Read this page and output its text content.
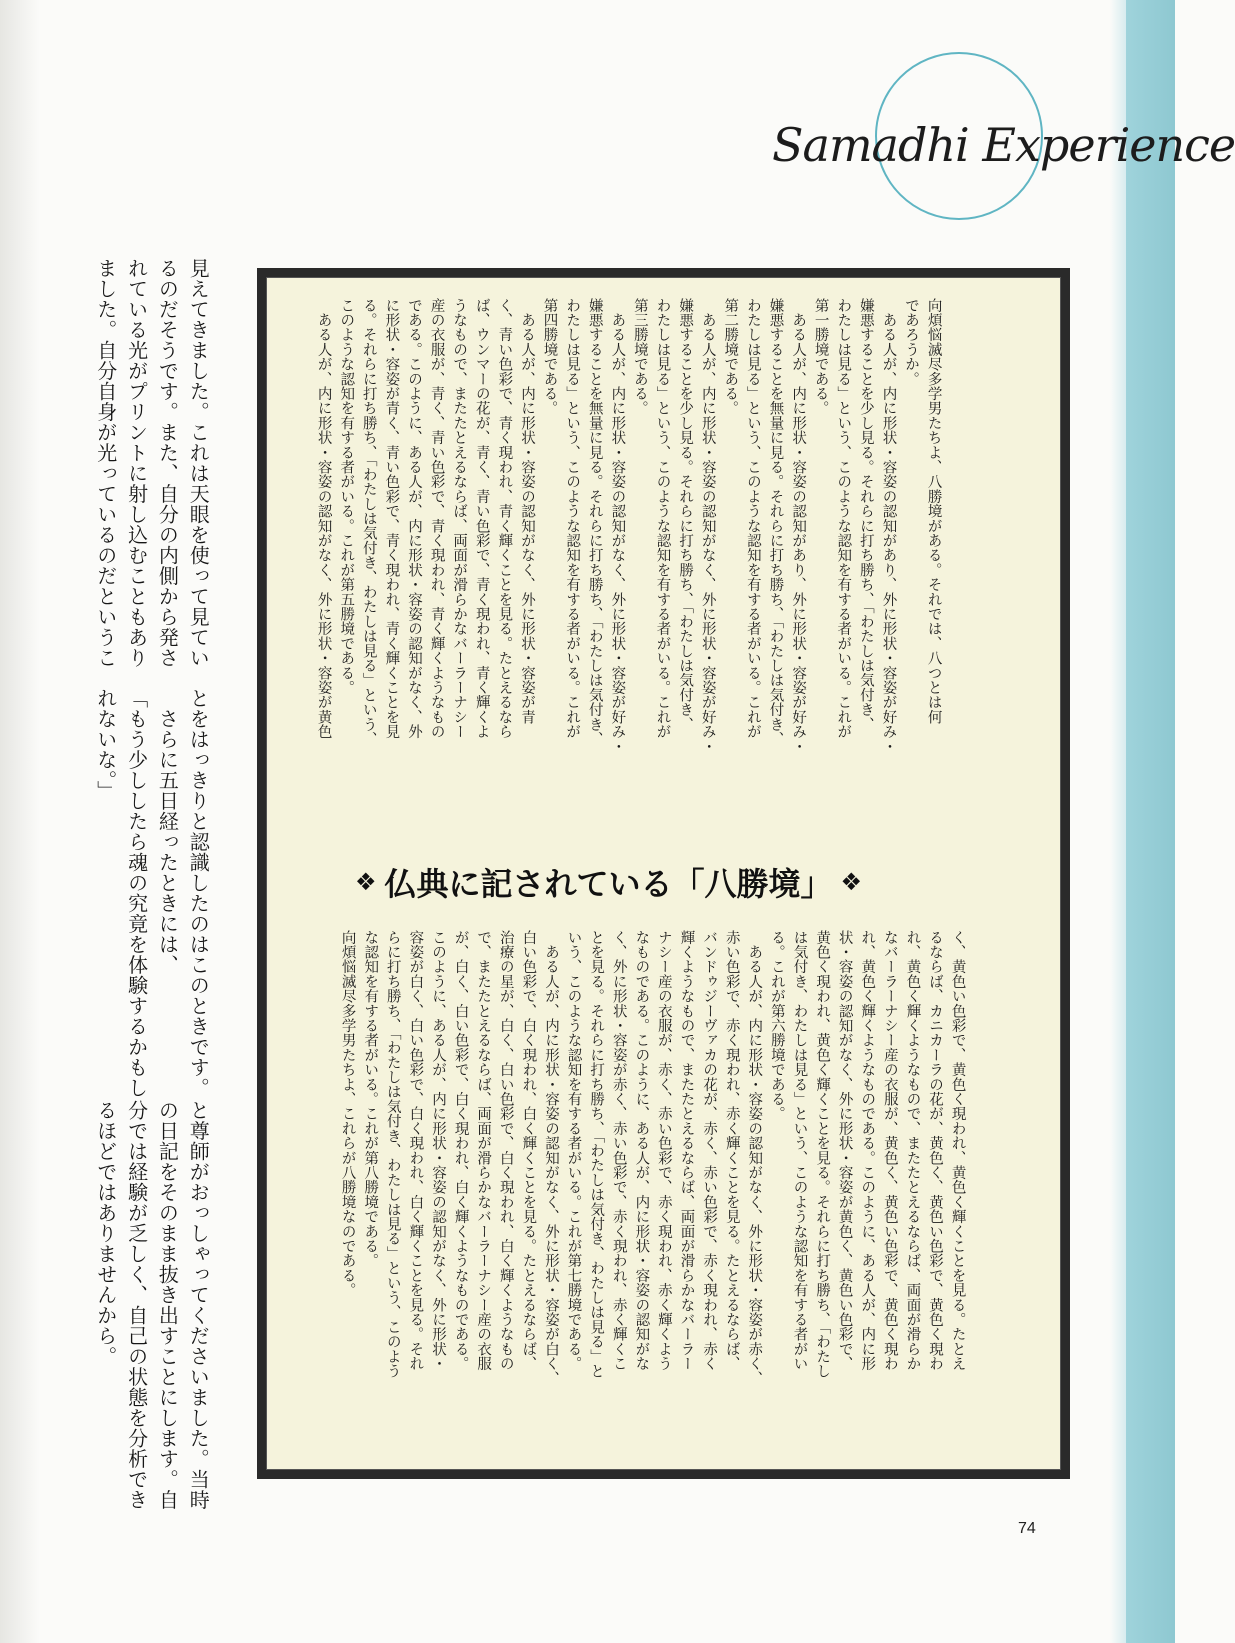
Samadhi Experience
見えてきました。これは天眼を使って見てい
るのだそうです。また、自分の内側から発さ
れている光がプリントに射し込むこともあり
ました。自分自身が光っているのだというこ
とをはっきりと認識したのはこのときです。
　さらに五日経ったときには、
「もう少ししたら魂の究竟を体験するかもし
れないな。」
と尊師がおっしゃってくださいました。当時
の日記をそのまま抜き出すことにします。自
分では経験が乏しく、自己の状態を分析でき
るほどではありませんから。
向煩悩滅尽多学男たちよ、八勝境がある。それでは、八つとは何
であろうか。
　ある人が、内に形状・容姿の認知があり、外に形状・容姿が好み・
嫌悪することを少し見る。それらに打ち勝ち、「わたしは気付き、
わたしは見る」という、このような認知を有する者がいる。これが
第一勝境である。
　ある人が、内に形状・容姿の認知があり、外に形状・容姿が好み・
嫌悪することを無量に見る。それらに打ち勝ち、「わたしは気付き、
わたしは見る」という、このような認知を有する者がいる。これが
第二勝境である。
　ある人が、内に形状・容姿の認知がなく、外に形状・容姿が好み・
嫌悪することを少し見る。それらに打ち勝ち、「わたしは気付き、
わたしは見る」という、このような認知を有する者がいる。これが
第三勝境である。
　ある人が、内に形状・容姿の認知がなく、外に形状・容姿が好み・
嫌悪することを無量に見る。それらに打ち勝ち、「わたしは気付き、
わたしは見る」という、このような認知を有する者がいる。これが
第四勝境である。
　ある人が、内に形状・容姿の認知がなく、外に形状・容姿が青
く、青い色彩で、青く現われ、青く輝くことを見る。たとえるなら
ば、ウンマーの花が、青く、青い色彩で、青く現われ、青く輝くよ
うなもので、またたとえるならば、両面が滑らかなバーラーナシー
産の衣服が、青く、青い色彩で、青く現われ、青く輝くようなもの
である。このように、ある人が、内に形状・容姿の認知がなく、外
に形状・容姿が青く、青い色彩で、青く現われ、青く輝くことを見
る。それらに打ち勝ち、「わたしは気付き、わたしは見る」という、
このような認知を有する者がいる。これが第五勝境である。
　ある人が、内に形状・容姿の認知がなく、外に形状・容姿が黄色
く、黄色い色彩で、黄色く現われ、黄色く輝くことを見る。たとえ
るならば、カニカーラの花が、黄色く、黄色い色彩で、黄色く現わ
れ、黄色く輝くようなもので、またたとえるならば、両面が滑らか
なバーラーナシー産の衣服が、黄色く、黄色い色彩で、黄色く現わ
れ、黄色く輝くようなものである。このように、ある人が、内に形
状・容姿の認知がなく、外に形状・容姿が黄色く、黄色い色彩で、
黄色く現われ、黄色く輝くことを見る。それらに打ち勝ち、「わたし
は気付き、わたしは見る」という、このような認知を有する者がい
る。これが第六勝境である。
　ある人が、内に形状・容姿の認知がなく、外に形状・容姿が赤く、
赤い色彩で、赤く現われ、赤く輝くことを見る。たとえるならば、
バンドゥジーヴァカの花が、赤く、赤い色彩で、赤く現われ、赤く
輝くようなもので、またたとえるならば、両面が滑らかなバーラー
ナシー産の衣服が、赤く、赤い色彩で、赤く現われ、赤く輝くよう
なものである。このように、ある人が、内に形状・容姿の認知がな
く、外に形状・容姿が赤く、赤い色彩で、赤く現われ、赤く輝くこ
とを見る。それらに打ち勝ち、「わたしは気付き、わたしは見る」と
いう、このような認知を有する者がいる。これが第七勝境である。
　ある人が、内に形状・容姿の認知がなく、外に形状・容姿が白く、
白い色彩で、白く現われ、白く輝くことを見る。たとえるならば、
治療の星が、白く、白い色彩で、白く現われ、白く輝くようなもの
で、またたとえるならば、両面が滑らかなバーラーナシー産の衣服
が、白く、白い色彩で、白く現われ、白く輝くようなものである。
このように、ある人が、内に形状・容姿の認知がなく、外に形状・
容姿が白く、白い色彩で、白く現われ、白く輝くことを見る。それ
らに打ち勝ち、「わたしは気付き、わたしは見る」という、このよう
な認知を有する者がいる。これが第八勝境である。
向煩悩滅尽多学男たちよ、これらが八勝境なのである。
❖ 仏典に記されている「八勝境」 ❖
74
